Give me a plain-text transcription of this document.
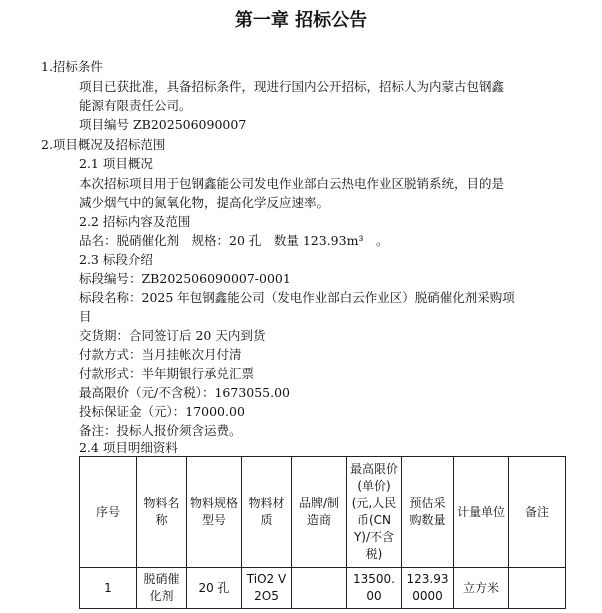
第一章 招标公告
1.招标条件
项目已获批准，具备招标条件，现进行国内公开招标，招标人为内蒙古包钢鑫
能源有限责任公司。
项目编号 ZB202506090007
2.项目概况及招标范围
2.1 项目概况
本次招标项目用于包钢鑫能公司发电作业部白云热电作业区脱销系统，目的是
减少烟气中的氮氧化物，提高化学反应速率。
2.2 招标内容及范围
品名：脱硝催化剂　规格：20 孔　数量 123.93m³　。
2.3 标段介绍
标段编号：ZB202506090007-0001
标段名称：2025 年包钢鑫能公司（发电作业部白云作业区）脱硝催化剂采购项
目
交货期：合同签订后 20 天内到货
付款方式：当月挂帐次月付清
付款形式：半年期银行承兑汇票
最高限价（元/不含税）：1673055.00
投标保证金（元）：17000.00
备注：投标人报价须含运费。
2.4 项目明细资料
序号	物料名称	物料规格型号	物料材质	品牌/制造商	最高限价(单价)(元,人民币(CNY)/不含税)	预估采购数量	计量单位	备注
1	脱硝催化剂	20 孔	TiO2 V2O5		13500.00	123.930000	立方米	
